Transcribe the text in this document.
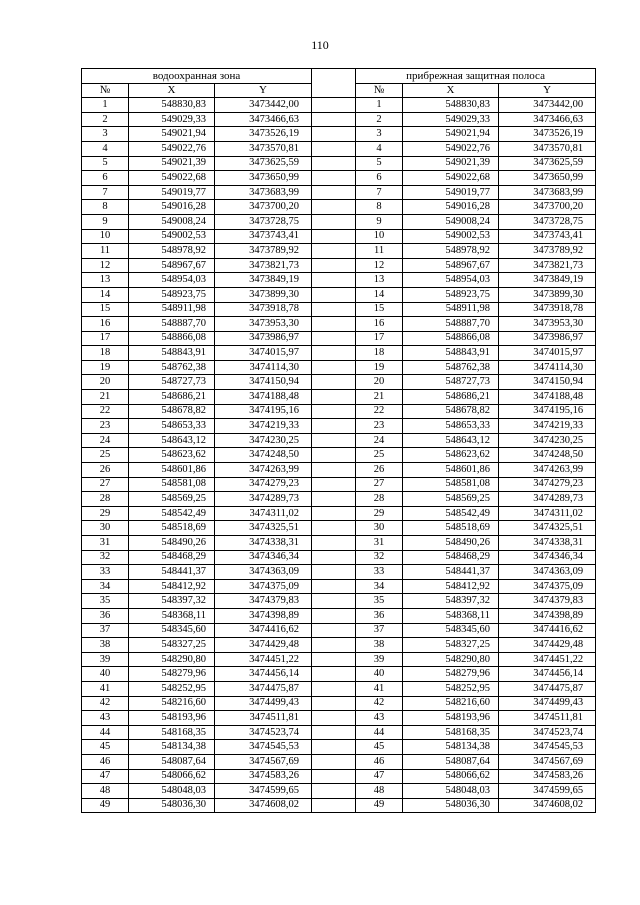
110
водоохранная зона				прибрежная защитная полоса		
№	X	Y		№	X	Y
1	548830,83	3473442,00		1	548830,83	3473442,00
2	549029,33	3473466,63		2	549029,33	3473466,63
3	549021,94	3473526,19		3	549021,94	3473526,19
4	549022,76	3473570,81		4	549022,76	3473570,81
5	549021,39	3473625,59		5	549021,39	3473625,59
6	549022,68	3473650,99		6	549022,68	3473650,99
7	549019,77	3473683,99		7	549019,77	3473683,99
8	549016,28	3473700,20		8	549016,28	3473700,20
9	549008,24	3473728,75		9	549008,24	3473728,75
10	549002,53	3473743,41		10	549002,53	3473743,41
11	548978,92	3473789,92		11	548978,92	3473789,92
12	548967,67	3473821,73		12	548967,67	3473821,73
13	548954,03	3473849,19		13	548954,03	3473849,19
14	548923,75	3473899,30		14	548923,75	3473899,30
15	548911,98	3473918,78		15	548911,98	3473918,78
16	548887,70	3473953,30		16	548887,70	3473953,30
17	548866,08	3473986,97		17	548866,08	3473986,97
18	548843,91	3474015,97		18	548843,91	3474015,97
19	548762,38	3474114,30		19	548762,38	3474114,30
20	548727,73	3474150,94		20	548727,73	3474150,94
21	548686,21	3474188,48		21	548686,21	3474188,48
22	548678,82	3474195,16		22	548678,82	3474195,16
23	548653,33	3474219,33		23	548653,33	3474219,33
24	548643,12	3474230,25		24	548643,12	3474230,25
25	548623,62	3474248,50		25	548623,62	3474248,50
26	548601,86	3474263,99		26	548601,86	3474263,99
27	548581,08	3474279,23		27	548581,08	3474279,23
28	548569,25	3474289,73		28	548569,25	3474289,73
29	548542,49	3474311,02		29	548542,49	3474311,02
30	548518,69	3474325,51		30	548518,69	3474325,51
31	548490,26	3474338,31		31	548490,26	3474338,31
32	548468,29	3474346,34		32	548468,29	3474346,34
33	548441,37	3474363,09		33	548441,37	3474363,09
34	548412,92	3474375,09		34	548412,92	3474375,09
35	548397,32	3474379,83		35	548397,32	3474379,83
36	548368,11	3474398,89		36	548368,11	3474398,89
37	548345,60	3474416,62		37	548345,60	3474416,62
38	548327,25	3474429,48		38	548327,25	3474429,48
39	548290,80	3474451,22		39	548290,80	3474451,22
40	548279,96	3474456,14		40	548279,96	3474456,14
41	548252,95	3474475,87		41	548252,95	3474475,87
42	548216,60	3474499,43		42	548216,60	3474499,43
43	548193,96	3474511,81		43	548193,96	3474511,81
44	548168,35	3474523,74		44	548168,35	3474523,74
45	548134,38	3474545,53		45	548134,38	3474545,53
46	548087,64	3474567,69		46	548087,64	3474567,69
47	548066,62	3474583,26		47	548066,62	3474583,26
48	548048,03	3474599,65		48	548048,03	3474599,65
49	548036,30	3474608,02		49	548036,30	3474608,02
